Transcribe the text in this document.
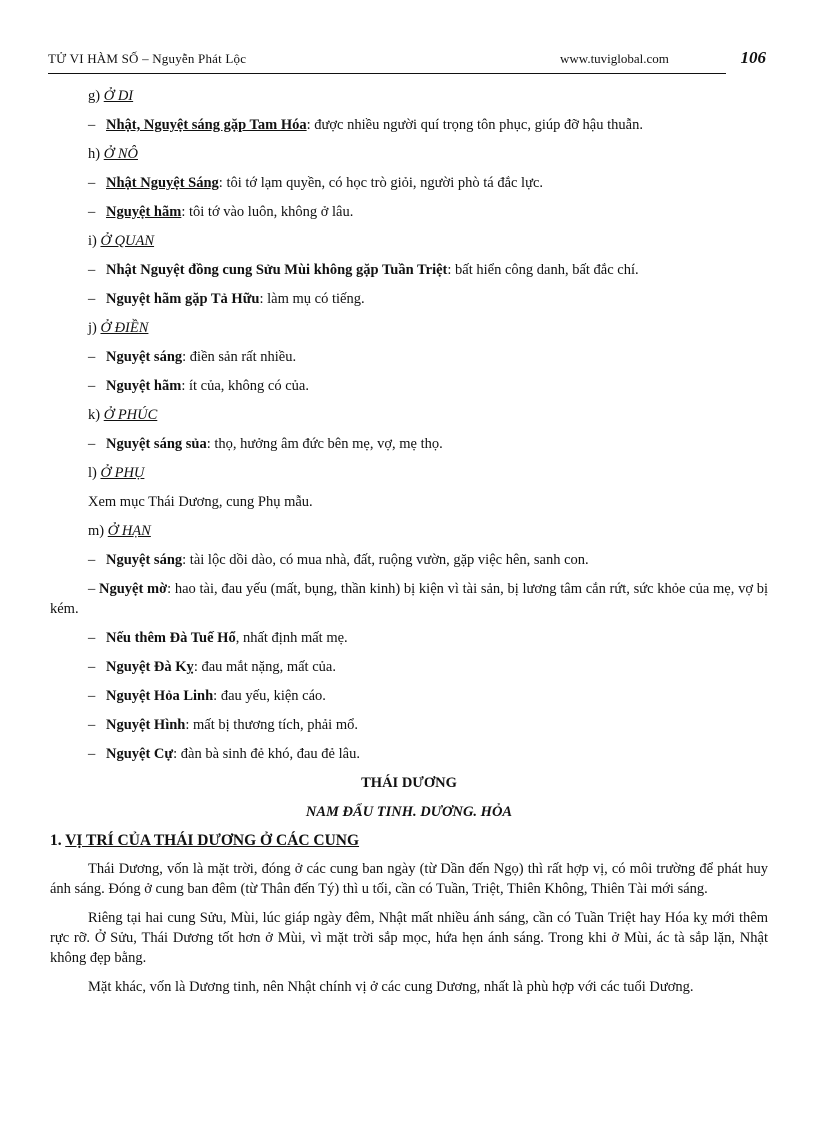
TỬ VI HÀM SỐ – Nguyễn Phát Lộc	www.tuviglobal.com	106
g) Ở DI
– Nhật, Nguyệt sáng gặp Tam Hóa: được nhiều người quí trọng tôn phục, giúp đỡ hậu thuẫn.
h) Ở NÔ
– Nhật Nguyệt Sáng: tôi tớ lạm quyền, có học trò giỏi, người phò tá đắc lực.
– Nguyệt hãm: tôi tớ vào luôn, không ở lâu.
i) Ở QUAN
– Nhật Nguyệt đồng cung Sửu Mùi không gặp Tuần Triệt: bất hiển công danh, bất đắc chí.
– Nguyệt hãm gặp Tả Hữu: làm mụ có tiếng.
j) Ở ĐIỀN
– Nguyệt sáng: điền sản rất nhiều.
– Nguyệt hãm: ít của, không có của.
k) Ở PHÚC
– Nguyệt sáng sủa: thọ, hưởng âm đức bên mẹ, vợ, mẹ thọ.
l) Ở PHỤ
Xem mục Thái Dương, cung Phụ mẫu.
m) Ở HẠN
– Nguyệt sáng: tài lộc dồi dào, có mua nhà, đất, ruộng vườn, gặp việc hên, sanh con.
– Nguyệt mờ: hao tài, đau yếu (mất, bụng, thần kinh) bị kiện vì tài sản, bị lương tâm cắn rứt, sức khỏe của mẹ, vợ bị kém.
– Nếu thêm Đà Tuế Hổ, nhất định mất mẹ.
– Nguyệt Đà Kỵ: đau mắt nặng, mất của.
– Nguyệt Hỏa Linh: đau yếu, kiện cáo.
– Nguyệt Hình: mất bị thương tích, phải mổ.
– Nguyệt Cự: đàn bà sinh đẻ khó, đau đẻ lâu.
THÁI DƯƠNG
NAM ĐẨU TINH. DƯƠNG. HỎA
1. VỊ TRÍ CỦA THÁI DƯƠNG Ở CÁC CUNG
Thái Dương, vốn là mặt trời, đóng ở các cung ban ngày (từ Dần đến Ngọ) thì rất hợp vị, có môi trường để phát huy ánh sáng. Đóng ở cung ban đêm (từ Thân đến Tý) thì u tối, cần có Tuần, Triệt, Thiên Không, Thiên Tài mới sáng.
Riêng tại hai cung Sửu, Mùi, lúc giáp ngày đêm, Nhật mất nhiều ánh sáng, cần có Tuần Triệt hay Hóa kỵ mới thêm rực rỡ. Ở Sửu, Thái Dương tốt hơn ở Mùi, vì mặt trời sắp mọc, hứa hẹn ánh sáng. Trong khi ở Mùi, ác tà sắp lặn, Nhật không đẹp bằng.
Mặt khác, vốn là Dương tinh, nên Nhật chính vị ở các cung Dương, nhất là phù hợp với các tuổi Dương.
